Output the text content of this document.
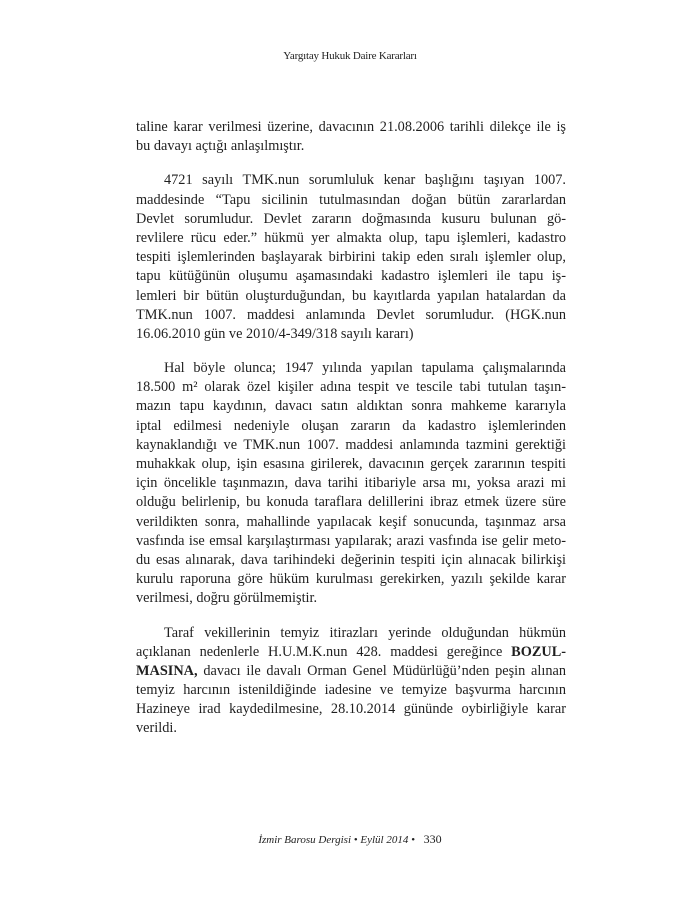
Yargıtay Hukuk Daire Kararları
taline karar verilmesi üzerine, davacının 21.08.2006 tarihli dilekçe ile iş
bu davayı açtığı anlaşılmıştır.
4721 sayılı TMK.nun sorumluluk kenar başlığını taşıyan 1007.
maddesinde “Tapu sicilinin tutulmasından doğan bütün zararlardan
Devlet sorumludur. Devlet zararın doğmasında kusuru bulunan gö-
revlilere rücu eder.” hükmü yer almakta olup, tapu işlemleri, kadastro
tespiti işlemlerinden başlayarak birbirini takip eden sıralı işlemler olup,
tapu kütüğünün oluşumu aşamasındaki kadastro işlemleri ile tapu iş-
lemleri bir bütün oluşturduğundan, bu kayıtlarda yapılan hatalardan da
TMK.nun 1007. maddesi anlamında Devlet sorumludur. (HGK.nun
16.06.2010 gün ve 2010/4-349/318 sayılı kararı)
Hal böyle olunca; 1947 yılında yapılan tapulama çalışmalarında
18.500 m² olarak özel kişiler adına tespit ve tescile tabi tutulan taşın-
mazın tapu kaydının, davacı satın aldıktan sonra mahkeme kararıyla
iptal edilmesi nedeniyle oluşan zararın da kadastro işlemlerinden
kaynaklandığı ve TMK.nun 1007. maddesi anlamında tazmini gerektiği
muhakkak olup, işin esasına girilerek, davacının gerçek zararının tespiti
için öncelikle taşınmazın, dava tarihi itibariyle arsa mı, yoksa arazi mi
olduğu belirlenip, bu konuda taraflara delillerini ibraz etmek üzere süre
verildikten sonra, mahallinde yapılacak keşif sonucunda, taşınmaz arsa
vasfında ise emsal karşılaştırması yapılarak; arazi vasfında ise gelir meto-
du esas alınarak, dava tarihindeki değerinin tespiti için alınacak bilirkişi
kurulu raporuna göre hüküm kurulması gerekirken, yazılı şekilde karar
verilmesi, doğru görülmemiştir.
Taraf vekillerinin temyiz itirazları yerinde olduğundan hükmün
açıklanan nedenlerle H.U.M.K.nun 428. maddesi gereğince BOZUL-
MASINA, davacı ile davalı Orman Genel Müdürlüğü’nden peşin alınan
temyiz harcının istenildiğinde iadesine ve temyize başvurma harcının
Hazineye irad kaydedilmesine, 28.10.2014 gününde oybirliğiyle karar
verildi.
İzmir Barosu Dergisi • Eylül 2014 • 330
